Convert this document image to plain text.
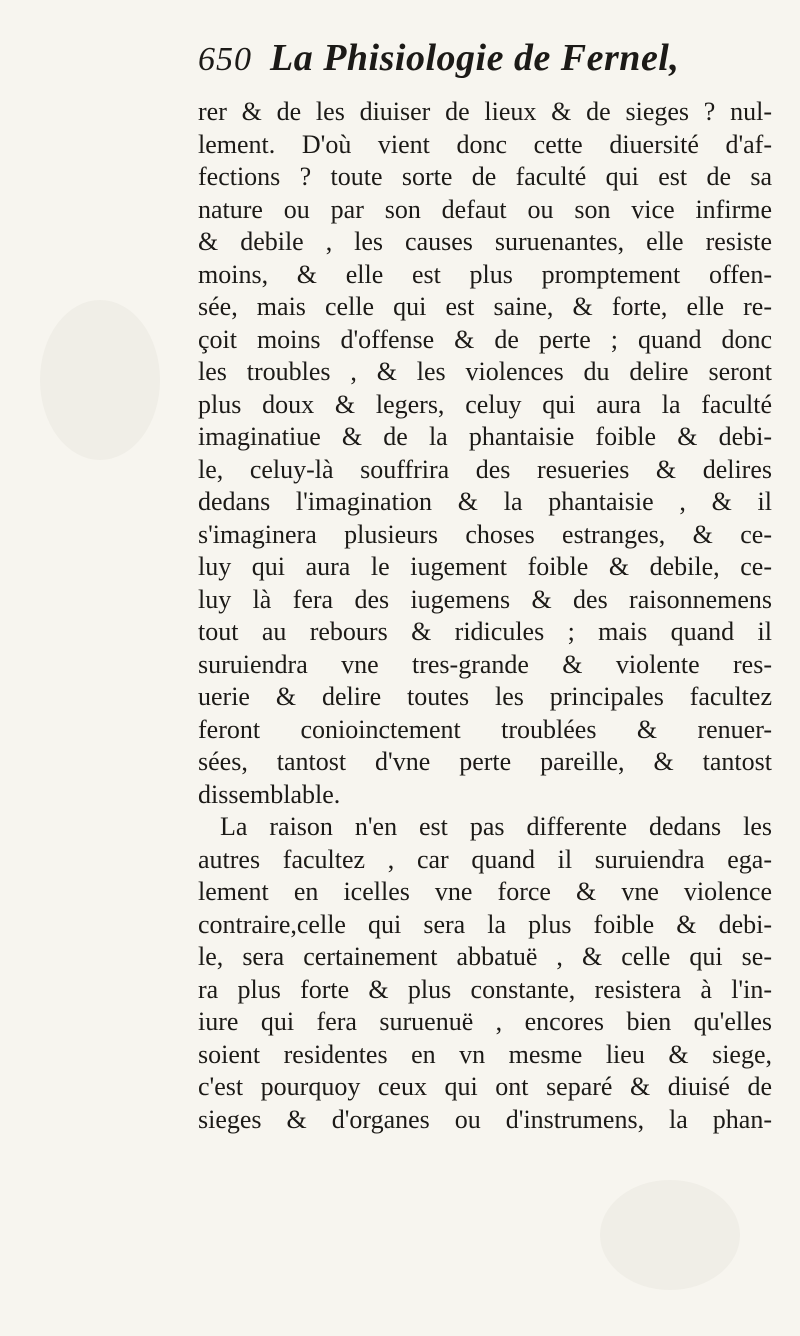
650 La Phisiologie de Fernel,
rer & de les diuiser de lieux & de sieges ? nul-
lement. D'où vient donc cette diuersité d'af-
fections ? toute sorte de faculté qui est de sa
nature ou par son defaut ou son vice infirme
& debile , les causes suruenantes, elle resiste
moins, & elle est plus promptement offen-
sée, mais celle qui est saine, & forte, elle re-
çoit moins d'offense & de perte ; quand donc
les troubles , & les violences du delire seront
plus doux & legers, celuy qui aura la faculté
imaginatiue & de la phantaisie foible & debi-
le, celuy-là souffrira des resueries & delires
dedans l'imagination & la phantaisie , & il
s'imaginera plusieurs choses estranges, & ce-
luy qui aura le iugement foible & debile, ce-
luy là fera des iugemens & des raisonnemens
tout au rebours & ridicules ; mais quand il
suruiendra vne tres-grande & violente res-
uerie & delire toutes les principales facultez
feront conioinctement troublées & renuer-
sées, tantost d'vne perte pareille, & tantost
dissemblable.
La raison n'en est pas differente dedans les
autres facultez , car quand il suruiendra ega-
lement en icelles vne force & vne violence
contraire,celle qui sera la plus foible & debi-
le, sera certainement abbatuë , & celle qui se-
ra plus forte & plus constante, resistera à l'in-
iure qui fera suruenuë , encores bien qu'elles
soient residentes en vn mesme lieu & siege,
c'est pourquoy ceux qui ont separé & diuisé de
sieges & d'organes ou d'instrumens, la phan-
